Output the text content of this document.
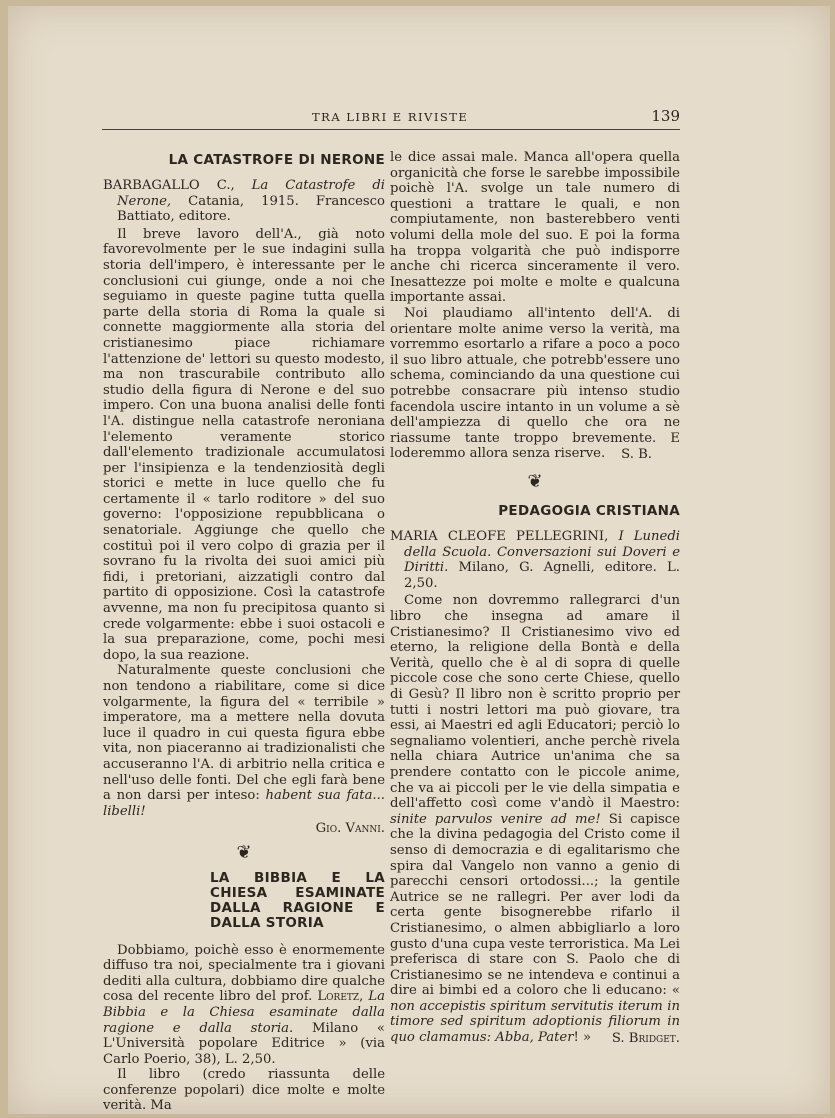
TRA LIBRI E RIVISTE	139
LA CATASTROFE DI NERONE

BARBAGALLO C., La Catastrofe di Nerone, Catania, 1915. Francesco Battiato, editore.

Il breve lavoro dell'A., già noto favorevolmente per le sue indagini sulla storia dell'impero, è interessante per le conclusioni cui giunge, onde a noi che seguiamo in queste pagine tutta quella parte della storia di Roma la quale si connette maggiormente alla storia del cristianesimo piace richiamare l'attenzione de' lettori su questo modesto, ma non trascurabile contributo allo studio della figura di Nerone e del suo impero. Con una buona analisi delle fonti l'A. distingue nella catastrofe neroniana l'elemento veramente storico dall'elemento tradizionale accumulatosi per l'insipienza e la tendenziosità degli storici e mette in luce quello che fu certamente il « tarlo roditore » del suo governo: l'opposizione repubblicana o senatoriale. Aggiunge che quello che costituì poi il vero colpo di grazia per il sovrano fu la rivolta dei suoi amici più fidi, i pretoriani, aizzatigli contro dal partito di opposizione. Così la catastrofe avvenne, ma non fu precipitosa quanto si crede volgarmente: ebbe i suoi ostacoli e la sua preparazione, come, pochi mesi dopo, la sua reazione.

Naturalmente queste conclusioni che non tendono a riabilitare, come si dice volgarmente, la figura del « terribile » imperatore, ma a mettere nella dovuta luce il quadro in cui questa figura ebbe vita, non piaceranno ai tradizionalisti che accuseranno l'A. di arbitrio nella critica e nell'uso delle fonti. Del che egli farà bene a non darsi per inteso: habent sua fata... libelli!

Gio. Vanni.
❦
LA BIBBIA E LA CHIESA ESAMINATE DALLA RAGIONE E DALLA STORIA

Dobbiamo, poichè esso è enormemente diffuso tra noi, specialmente tra i giovani dediti alla cultura, dobbiamo dire qualche cosa del recente libro del prof. Loretz, La Bibbia e la Chiesa esaminate dalla ragione e dalla storia. Milano « L'Università popolare Editrice » (via Carlo Poerio, 38), L. 2,50.

Il libro (credo riassunta delle conferenze popolari) dice molte e molte verità. Ma

le dice assai male. Manca all'opera quella organicità che forse le sarebbe impossibile poichè l'A. svolge un tale numero di questioni a trattare le quali, e non compiutamente, non basterebbero venti volumi della mole del suo. E poi la forma ha troppa volgarità che può indisporre anche chi ricerca sinceramente il vero. Inesattezze poi molte e molte e qualcuna importante assai.

Noi plaudiamo all'intento dell'A. di orientare molte anime verso la verità, ma vorremmo esortarlo a rifare a poco a poco il suo libro attuale, che potrebb'essere uno schema, cominciando da una questione cui potrebbe consacrare più intenso studio facendola uscire intanto in un volume a sè dell'ampiezza di quello che ora ne riassume tante troppo brevemente. E loderemmo allora senza riserve.	S. B.
❦
PEDAGOGIA CRISTIANA

MARIA CLEOFE PELLEGRINI, I Lunedi della Scuola. Conversazioni sui Doveri e Diritti. Milano, G. Agnelli, editore. L. 2,50.

Come non dovremmo rallegrarci d'un libro che insegna ad amare il Cristianesimo? Il Cristianesimo vivo ed eterno, la religione della Bontà e della Verità, quello che è al di sopra di quelle piccole cose che sono certe Chiese, quello di Gesù? Il libro non è scritto proprio per tutti i nostri lettori ma può giovare, tra essi, ai Maestri ed agli Educatori; perciò lo segnaliamo volentieri, anche perchè rivela nella chiara Autrice un'anima che sa prendere contatto con le piccole anime, che va ai piccoli per le vie della simpatia e dell'affetto così come v'andò il Maestro: sinite parvulos venire ad me! Si capisce che la divina pedagogia del Cristo come il senso di democrazia e di egalitarismo che spira dal Vangelo non vanno a genio di parecchi censori ortodossi...; la gentile Autrice se ne rallegri. Per aver lodi da certa gente bisognerebbe rifarlo il Cristianesimo, o almen abbigliarlo a loro gusto d'una cupa veste terroristica. Ma Lei preferisca di stare con S. Paolo che di Cristianesimo se ne intendeva e continui a dire ai bimbi ed a coloro che li educano: « non accepistis spiritum servitutis iterum in timore sed spiritum adoptionis filiorum in quo clamamus: Abba, Pater! »	S. Bridget.
